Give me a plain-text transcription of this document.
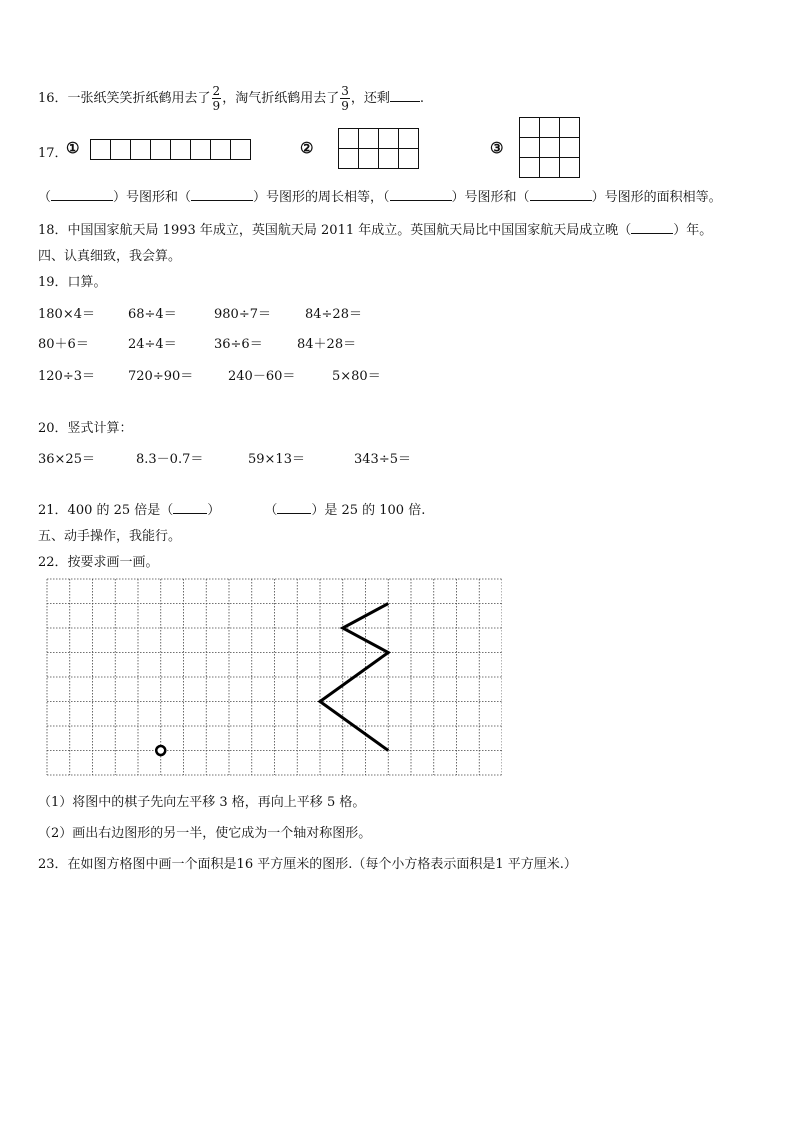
16．一张纸笑笑折纸鹤用去了 $\frac{2}{9}$ ，淘气折纸鹤用去了 $\frac{3}{9}$ ，还剩 .
17．
①	②	③
（	）号图形和（	）号图形的周长相等，（	）号图形和（	）号图形的面积相等。
18．中国国家航天局 1993 年成立，英国航天局 2011 年成立。英国航天局比中国国家航天局成立晚（	）年。
四、认真细致，我会算。
19．口算。
180×4＝	68÷4＝	980÷7＝	84÷28＝
80＋6＝	24÷4＝	36÷6＝	84＋28＝
120÷3＝	720÷90＝	240－60＝	5×80＝
20．竖式计算：
36×25＝	8.3－0.7＝	59×13＝	343÷5＝
21．400 的 25 倍是（	）	（	）是 25 的 100 倍.
五、动手操作，我能行。
22．按要求画一画。
（1）将图中的棋子先向左平移 3 格，再向上平移 5 格。
（2）画出右边图形的另一半，使它成为一个轴对称图形。
23．在如图方格图中画一个面积是16 平方厘米的图形.（每个小方格表示面积是1 平方厘米.）
